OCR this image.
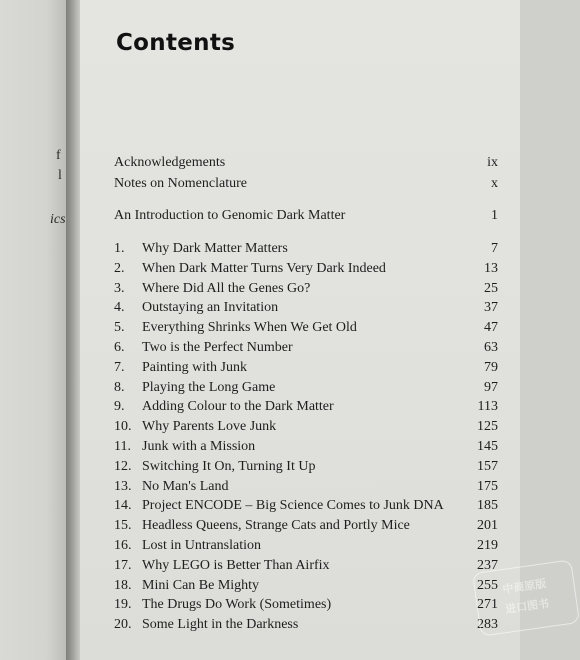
f
l
ics
Contents
Acknowledgements	ix
Notes on Nomenclature	x
An Introduction to Genomic Dark Matter	1
1.	Why Dark Matter Matters	7
2.	When Dark Matter Turns Very Dark Indeed	13
3.	Where Did All the Genes Go?	25
4.	Outstaying an Invitation	37
5.	Everything Shrinks When We Get Old	47
6.	Two is the Perfect Number	63
7.	Painting with Junk	79
8.	Playing the Long Game	97
9.	Adding Colour to the Dark Matter	113
10. Why Parents Love Junk	125
11. Junk with a Mission	145
12. Switching It On, Turning It Up	157
13. No Man's Land	175
14. Project ENCODE – Big Science Comes to Junk DNA 185
15. Headless Queens, Strange Cats and Portly Mice	201
16. Lost in Untranslation	219
17. Why LEGO is Better Than Airfix	237
18. Mini Can Be Mighty	255
19. The Drugs Do Work (Sometimes)	271
20. Some Light in the Darkness	283
中商原版
进口图书
